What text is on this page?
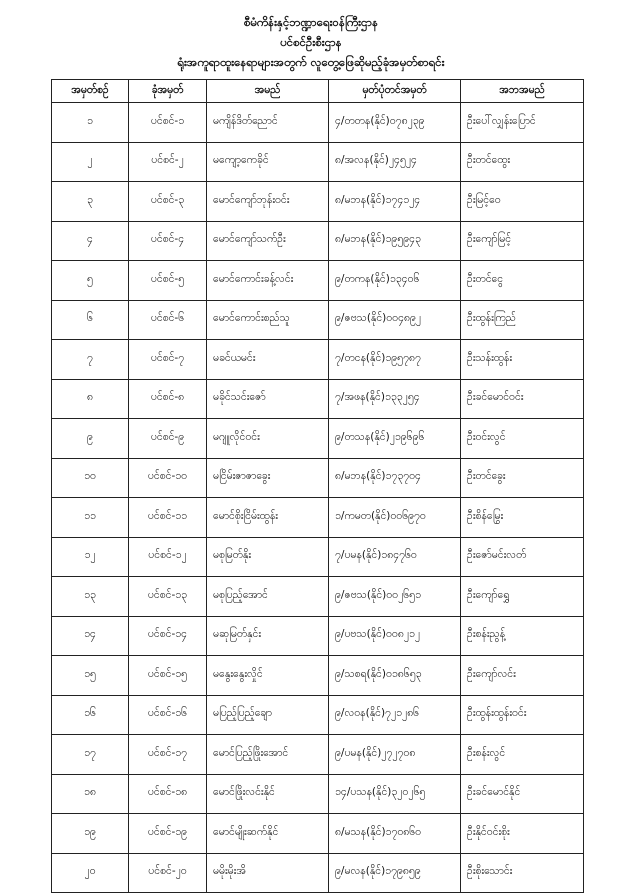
စီမံကိန်းနှင့်ဘဏ္ဍာရေးဝန်ကြီးဌာန
ပင်စင်ဦးစီးဌာန
ရုံးအကူရာထူးနေရာများအတွက် လူတွေ့ဖြေဆိုမည့်ခုံအမှတ်စာရင်း
အမှတ်စဉ်	ခုံအမှတ်	အမည်	မှတ်ပုံတင်အမှတ်	အဘအမည်
၁	ပင်စင်-၁	မကျိန်ဒိတ်ညောင်	၄/တတန(နိုင်)၀၇၈၂၃၉	ဦးပေါ်လျှန်းပြောင်
၂	ပင်စင်-၂	မကျော့ကေခိုင်	၈/အလန(နိုင်)၂၄၅၂၄	ဦးတင်ထွေး
၃	ပင်စင်-၃	မောင်ကျော်ဘုန်းဝင်း	၈/မဘန(နိုင်)၁၇၄၁၂၄	ဦးမြင့်ဝေ
၄	ပင်စင်-၄	မောင်ကျော်သက်ဦး	၈/မဘန(နိုင်)၁၉၅၉၄၃	ဦးကျော်မြင့်
၅	ပင်စင်-၅	မောင်ကောင်းခန့်လင်း	၉/တကန(နိုင်)၁၃၄၀၆	ဦးတင်ငွေ
၆	ပင်စင်-၆	မောင်ကောင်းစည်သူ	၉/ဇဗသ(နိုင်)၀၀၄၈၉၂	ဦးထွန်းကြည်
၇	ပင်စင်-၇	မခင်ယမင်း	၇/တငန(နိုင်)၁၉၅၇၈၇	ဦးသန်းထွန်း
၈	ပင်စင်-၈	မခိုင်သင်းဇော်	၇/အဖန(နိုင်)၁၃၃၂၅၄	ဦးခင်မောင်ဝင်း
၉	ပင်စင်-၉	မဂျူလိုင်ဝင်း	၉/တသန(နိုင်)၂၁၉၆၉၆	ဦးဝင်းလွင်
၁၀	ပင်စင်-၁၀	မငြိမ်းဇာဇာခွေး	၈/မဘန(နိုင်)၁၇၃၇၀၄	ဦးတင်ခွေး
၁၁	ပင်စင်-၁၁	မောင်စိုးငြိမ်းထွန်း	၁/ကမတ(နိုင်)၀၀၆၉၇၀	ဦးစိန်မြွေး
၁၂	ပင်စင်-၁၂	မစုမြတ်နိုး	၇/ပမန(နိုင်)၁၈၄၇၆၀	ဦးဇော်မင်းလတ်
၁၃	ပင်စင်-၁၃	မစုပြည့်အောင်	၉/ဇဗသ(နိုင်)၀၀၂၆၅၁	ဦးကျော်ရွှေ
၁၄	ပင်စင်-၁၄	မဆုမြတ်နှင်း	၉/ပဗသ(နိုင်)၀၀၈၂၁၂	ဦးစန်းညွန့်
၁၅	ပင်စင်-၁၅	မနွေးနွေးလှိုင်	၉/သစရ(နိုင်)၀၁၈၆၅၃	ဦးကျော်လင်း
၁၆	ပင်စင်-၁၆	မပြည့်ပြည့်ချော	၉/လဝန(နိုင်)၇၂၁၂၈၆	ဦးထွန်းထွန်းဝင်း
၁၇	ပင်စင်-၁၇	မောင်ပြည့်ဖြိုးအောင်	၉/ပမန(နိုင်)၂၇၂၇၀၈	ဦးစန်းလွင်
၁၈	ပင်စင်-၁၈	မောင်ဖြိုးလင်းနိုင်	၁၄/ပသန(နိုင်)၃၂၀၂၆၅	ဦးခင်မောင်နိုင်
၁၉	ပင်စင်-၁၉	မောင်မျိုးဆက်နိုင်	၈/မသန(နိုင်)၁၇၀၈၆၀	ဦးနိုင်ဝင်းစိုး
၂၀	ပင်စင်-၂၀	မမိုးမိုးအိ	၉/မလန(နိုင်)၁၇၉၈၅၉	ဦးစိုးသောင်း
